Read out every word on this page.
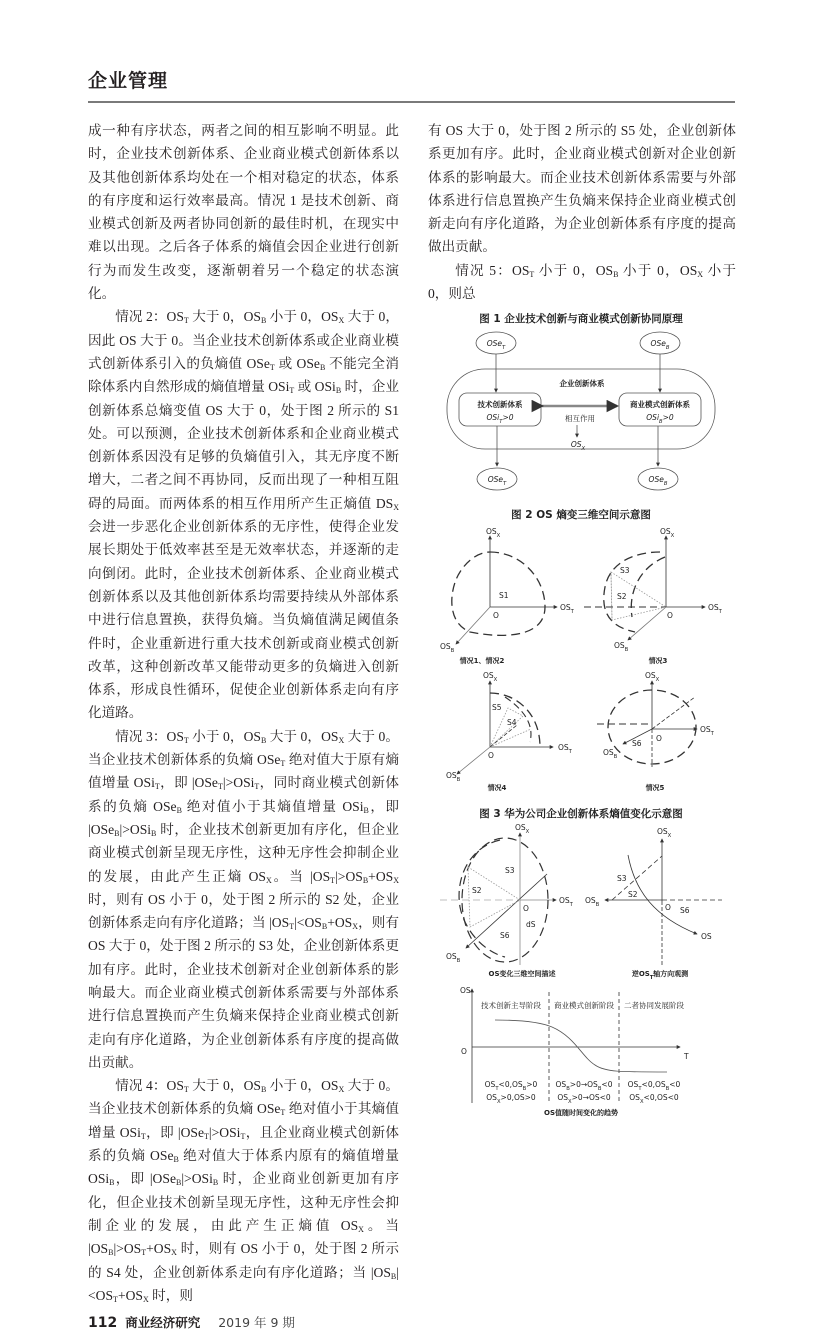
企业管理

成一种有序状态，两者之间的相互影响不明显。此时，企业技术创新体系、企业商业模式创新体系以及其他创新体系均处在一个相对稳定的状态，体系的有序度和运行效率最高。情况 1 是技术创新、商业模式创新及两者协同创新的最佳时机，在现实中难以出现。之后各子体系的熵值会因企业进行创新行为而发生改变，逐渐朝着另一个稳定的状态演化。

情况 2：$OS_T$ 大于 0，$OS_B$ 小于 0，$OS_X$ 大于 0，因此 OS 大于 0。当企业技术创新体系或企业商业模式创新体系引入的负熵值 OSe$_T$ 或 OSe$_B$ 不能完全消除体系内自然形成的熵值增量 OSi$_T$ 或 OSi$_B$ 时，企业创新体系总熵变值 OS 大于 0，处于图 2 所示的 S1 处。可以预测，企业技术创新体系和企业商业模式创新体系因没有足够的负熵值引入，其无序度不断增大，二者之间不再协同，反而出现了一种相互阻碍的局面。而两体系的相互作用所产生正熵值 $DS_X$ 会进一步恶化企业创新体系的无序性，使得企业发展长期处于低效率甚至是无效率状态，并逐渐的走向倒闭。此时，企业技术创新体系、企业商业模式创新体系以及其他创新体系均需要持续从外部体系中进行信息置换，获得负熵。当负熵值满足阈值条件时，企业重新进行重大技术创新或商业模式创新改革，这种创新改革又能带动更多的负熵进入创新体系，形成良性循环，促使企业创新体系走向有序化道路。

情况 3：$OS_T$ 小于 0，$OS_B$ 大于 0，$OS_X$ 大于 0。当企业技术创新体系的负熵 OSe$_T$ 绝对值大于原有熵值增量 OSi$_T$，即 |OSe$_T$|>OSi$_T$，同时商业模式创新体系的负熵 OSe$_B$ 绝对值小于其熵值增量 OSi$_B$，即 |OSe$_B$|>OSi$_B$ 时，企业技术创新更加有序化，但企业商业模式创新呈现无序性，这种无序性会抑制企业的发展，由此产生正熵 $OS_X$。当 $|OS_T|>OS_B+OS_X$ 时，则有 OS 小于 0，处于图 2 所示的 S2 处，企业创新体系走向有序化道路；当 $|OS_T|<OS_B+OS_X$，则有 OS 大于 0，处于图 2 所示的 S3 处，企业创新体系更加有序。此时，企业技术创新对企业创新体系的影响最大。而企业商业模式创新体系需要与外部体系进行信息置换而产生负熵来保持企业商业模式创新走向有序化道路，为企业创新体系有序度的提高做出贡献。

情况 4：$OS_T$ 大于 0，$OS_B$ 小于 0，$OS_X$ 大于 0。当企业技术创新体系的负熵 OSe$_T$ 绝对值小于其熵值增量 OSi$_T$，即 |OSe$_T$|>OSi$_T$，且企业商业模式创新体系的负熵 OSe$_B$ 绝对值大于体系内原有的熵值增量 OSi$_B$，即 |OSe$_B$|>OSi$_B$ 时，企业商业创新更加有序化，但企业技术创新呈现无序性，这种无序性会抑制企业的发展，由此产生正熵值 $OS_X$。当 $|OS_B|>OS_T+OS_X$ 时，则有 OS 小于 0，处于图 2 所示的 S4 处，企业创新体系走向有序化道路；当 $|OS_B|<OS_T+OS_X$ 时，则

有 OS 大于 0，处于图 2 所示的 S5 处，企业创新体系更加有序。此时，企业商业模式创新对企业创新体系的影响最大。而企业技术创新体系需要与外部体系进行信息置换产生负熵来保持企业商业模式创新走向有序化道路，为企业创新体系有序度的提高做出贡献。

情况 5：$OS_T$ 小于 0，$OS_B$ 小于 0，$OS_X$ 小于 0，则总

图 1 企业技术创新与商业模式创新协同原理
OSe$_T$	OSe$_B$
企业创新体系
技术创新体系
OSi$_T$>0
商业模式创新体系
OSi$_B$>0
相互作用
$OS_X$
OSe$_T$	OSe$_B$
图 2 OS 熵变三维空间示意图
$OS_X$
$OS_T$
$OS_B$
O
S1
情况1、情况2
$OS_X$
$OS_T$
$OS_B$
O
S3
S2
情况3
$OS_X$
$OS_T$
$OS_B$
O
S5
S4
情况4
$OS_X$
$OS_T$
$OS_B$
O
S6
情况5
图 3 华为公司企业创新体系熵值变化示意图
$OS_X$
$OS_T$
$OS_B$
O
S3
S2
S6
dS
OS变化三维空间描述
$OS_X$
$OS_B$	O
S3
S2
S6
OS
逆$OS_T$轴方向观测
OS
O
T
技术创新主导阶段 商业模式创新阶段 二者协同发展阶段
$OS_T<0,OS_B>0$
$OS_X>0,OS>0$
$OS_B>0\to OS_B<0$
$OS_X>0\to OS<0$
$OS_T<0,OS_B<0$
$OS_X<0,OS<0$
OS值随时间变化的趋势
112 商业经济研究 2019 年 9 期
